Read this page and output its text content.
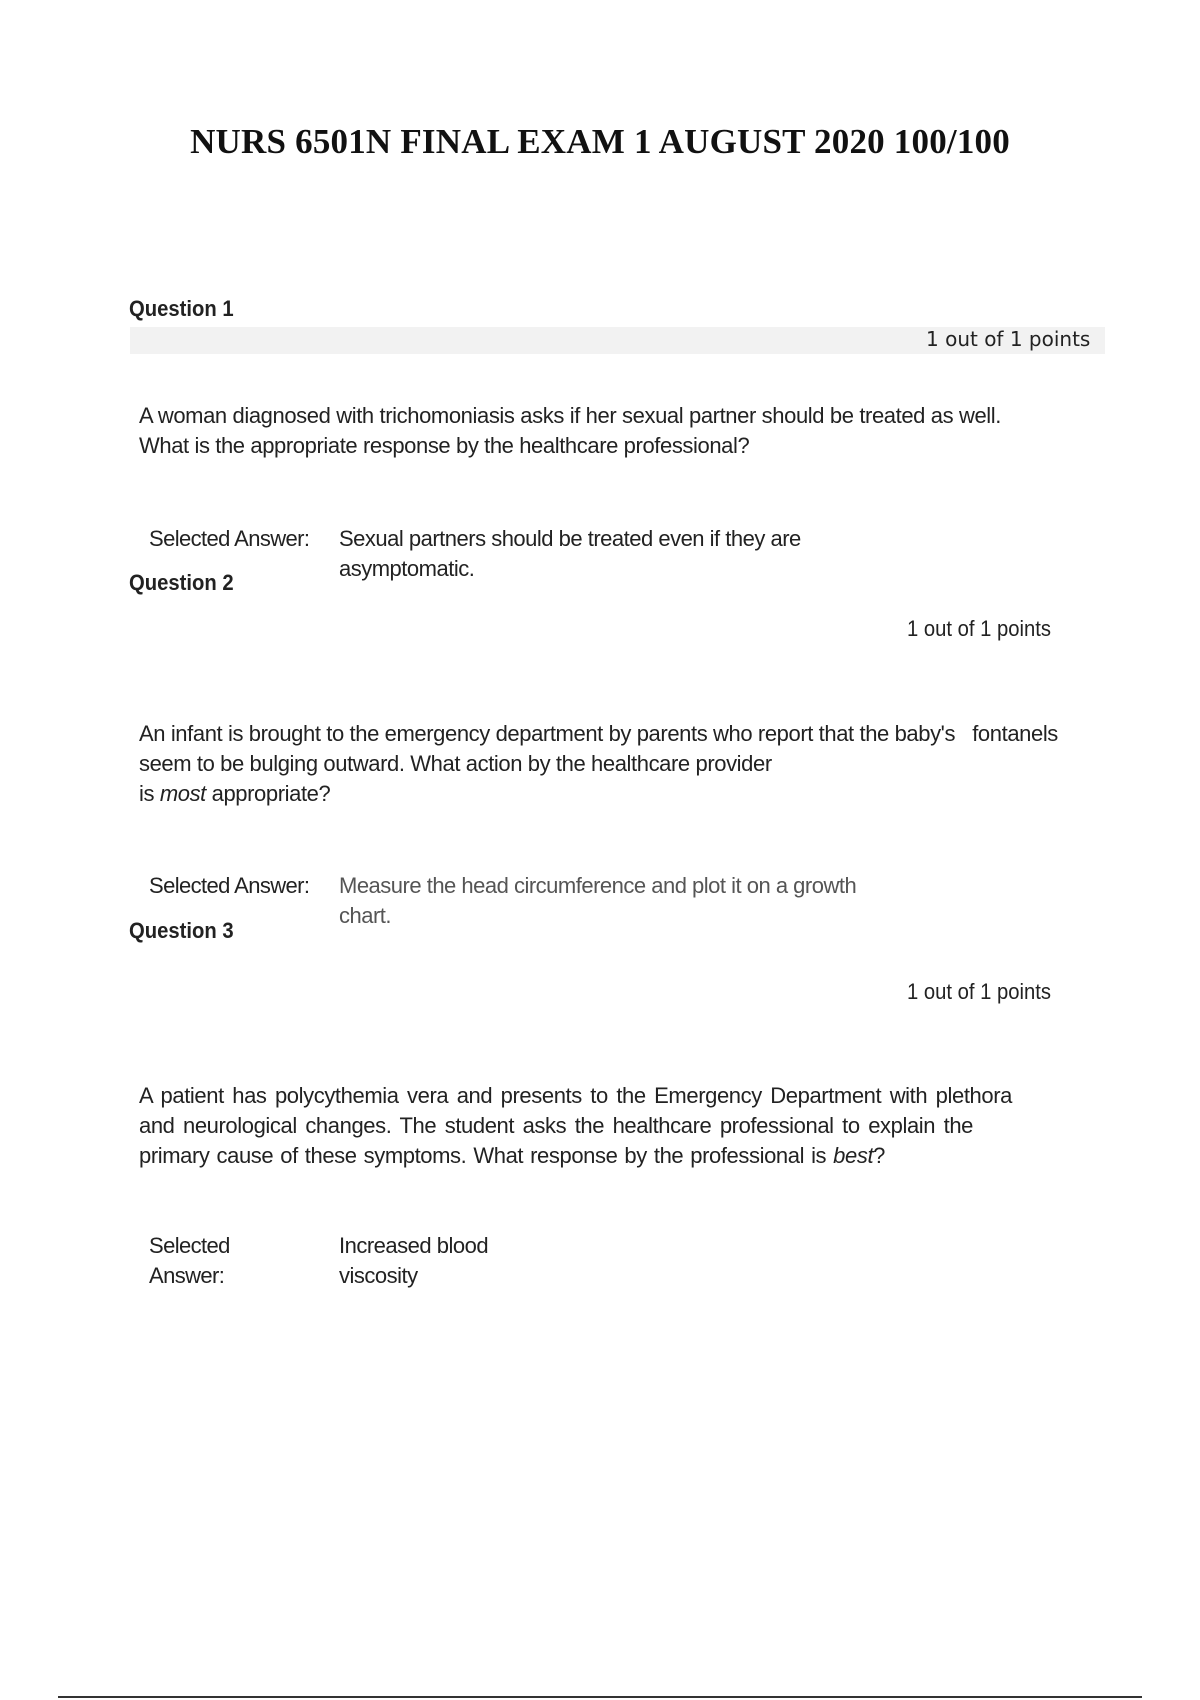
NURS 6501N FINAL EXAM 1 AUGUST 2020 100/100
Question 1
1 out of 1 points
A woman diagnosed with trichomoniasis asks if her sexual partner should be treated as well.
What is the appropriate response by the healthcare professional?
Selected Answer: Sexual partners should be treated even if they are
asymptomatic.
Question 2
1 out of 1 points
An infant is brought to the emergency department by parents who report that the baby's   fontanels
seem to be bulging outward. What action by the healthcare provider
is most appropriate?
Selected Answer: Measure the head circumference and plot it on a growth
chart.
Question 3
1 out of 1 points
A patient has polycythemia vera and presents to the Emergency Department with plethora
and neurological changes. The student asks the healthcare professional to explain the
primary cause of these symptoms. What response by the professional is best?
Selected
Answer:
Increased blood
viscosity
